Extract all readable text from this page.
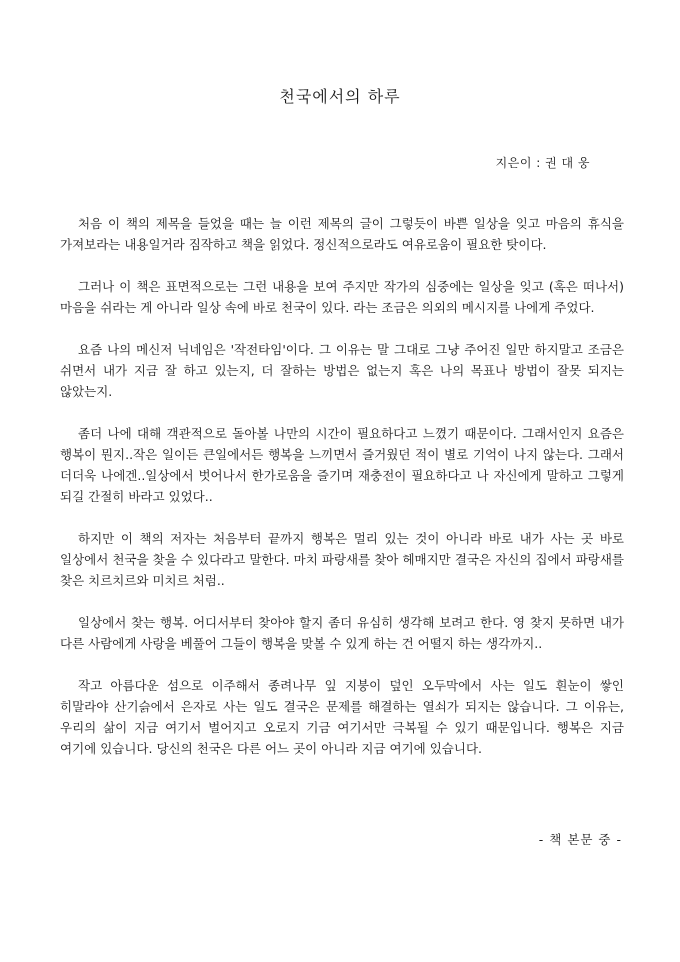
천국에서의 하루
지은이 : 권 대 웅

처음 이 책의 제목을 들었을 때는 늘 이런 제목의 글이 그렇듯이 바쁜 일상을 잊고 마음의 휴식을 가져보라는 내용일거라 짐작하고 책을 읽었다. 정신적으로라도 여유로움이 필요한 탓이다.

그러나 이 책은 표면적으로는 그런 내용을 보여 주지만 작가의 심중에는 일상을 잊고 (혹은 떠나서) 마음을 쉬라는 게 아니라 일상 속에 바로 천국이 있다. 라는 조금은 의외의 메시지를 나에게 주었다.

요즘 나의 메신저 닉네임은 '작전타임'이다. 그 이유는 말 그대로 그냥 주어진 일만 하지말고 조금은 쉬면서 내가 지금 잘 하고 있는지, 더 잘하는 방법은 없는지 혹은 나의 목표나 방법이 잘못 되지는 않았는지.

좀더 나에 대해 객관적으로 돌아볼 나만의 시간이 필요하다고 느꼈기 때문이다. 그래서인지 요즘은 행복이 뭔지..작은 일이든 큰일에서든 행복을 느끼면서 즐거웠던 적이 별로 기억이 나지 않는다. 그래서 더더욱 나에겐..일상에서 벗어나서 한가로움을 즐기며 재충전이 필요하다고 나 자신에게 말하고 그렇게 되길 간절히 바라고 있었다..

하지만 이 책의 저자는 처음부터 끝까지 행복은 멀리 있는 것이 아니라 바로 내가 사는 곳 바로 일상에서 천국을 찾을 수 있다라고 말한다. 마치 파랑새를 찾아 헤매지만 결국은 자신의 집에서 파랑새를 찾은 치르치르와 미치르 처럼..

일상에서 찾는 행복. 어디서부터 찾아야 할지 좀더 유심히 생각해 보려고 한다. 영 찾지 못하면 내가 다른 사람에게 사랑을 베풀어 그들이 행복을 맞볼 수 있게 하는 건 어떨지 하는 생각까지..

작고 아름다운 섬으로 이주해서 종려나무 잎 지붕이 덮인 오두막에서 사는 일도 흰눈이 쌓인 히말라야 산기슭에서 은자로 사는 일도 결국은 문제를 해결하는 열쇠가 되지는 않습니다. 그 이유는, 우리의 삶이 지금 여기서 벌어지고 오로지 기금 여기서만 극복될 수 있기 때문입니다. 행복은 지금 여기에 있습니다. 당신의 천국은 다른 어느 곳이 아니라 지금 여기에 있습니다.

- 책 본문 중 -
